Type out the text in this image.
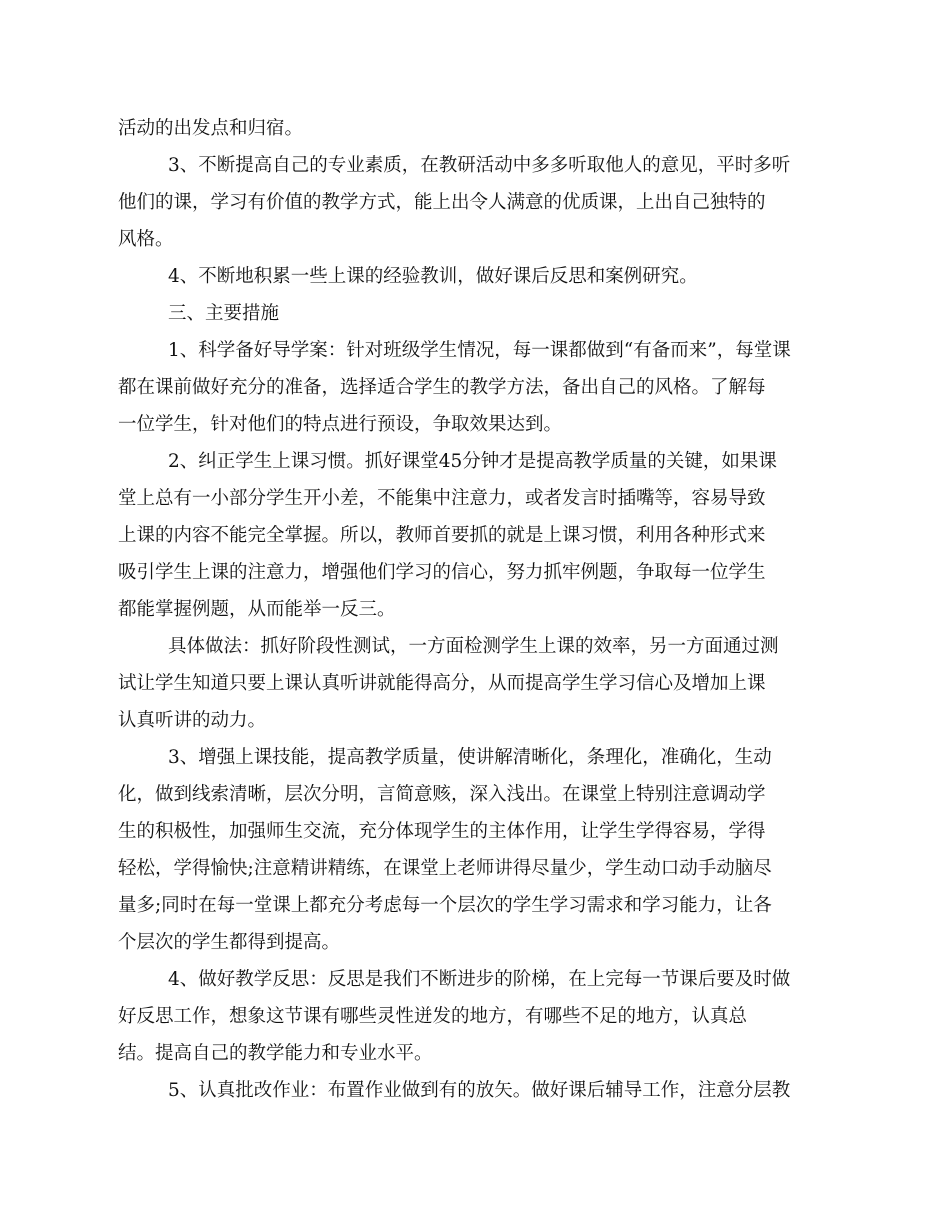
活动的出发点和归宿。
3、不断提高自己的专业素质，在教研活动中多多听取他人的意见，平时多听
他们的课，学习有价值的教学方式，能上出令人满意的优质课，上出自己独特的
风格。
4、不断地积累一些上课的经验教训，做好课后反思和案例研究。
三、主要措施
1、科学备好导学案：针对班级学生情况，每一课都做到“有备而来”，每堂课
都在课前做好充分的准备，选择适合学生的教学方法，备出自己的风格。了解每
一位学生，针对他们的特点进行预设，争取效果达到。
2、纠正学生上课习惯。抓好课堂45分钟才是提高教学质量的关键，如果课
堂上总有一小部分学生开小差，不能集中注意力，或者发言时插嘴等，容易导致
上课的内容不能完全掌握。所以，教师首要抓的就是上课习惯，利用各种形式来
吸引学生上课的注意力，增强他们学习的信心，努力抓牢例题，争取每一位学生
都能掌握例题，从而能举一反三。
具体做法：抓好阶段性测试，一方面检测学生上课的效率，另一方面通过测
试让学生知道只要上课认真听讲就能得高分，从而提高学生学习信心及增加上课
认真听讲的动力。
3、增强上课技能，提高教学质量，使讲解清晰化，条理化，准确化，生动
化，做到线索清晰，层次分明，言简意赅，深入浅出。在课堂上特别注意调动学
生的积极性，加强师生交流，充分体现学生的主体作用，让学生学得容易，学得
轻松，学得愉快;注意精讲精练，在课堂上老师讲得尽量少，学生动口动手动脑尽
量多;同时在每一堂课上都充分考虑每一个层次的学生学习需求和学习能力，让各
个层次的学生都得到提高。
4、做好教学反思：反思是我们不断进步的阶梯，在上完每一节课后要及时做
好反思工作，想象这节课有哪些灵性迸发的地方，有哪些不足的地方，认真总
结。提高自己的教学能力和专业水平。
5、认真批改作业：布置作业做到有的放矢。做好课后辅导工作，注意分层教
